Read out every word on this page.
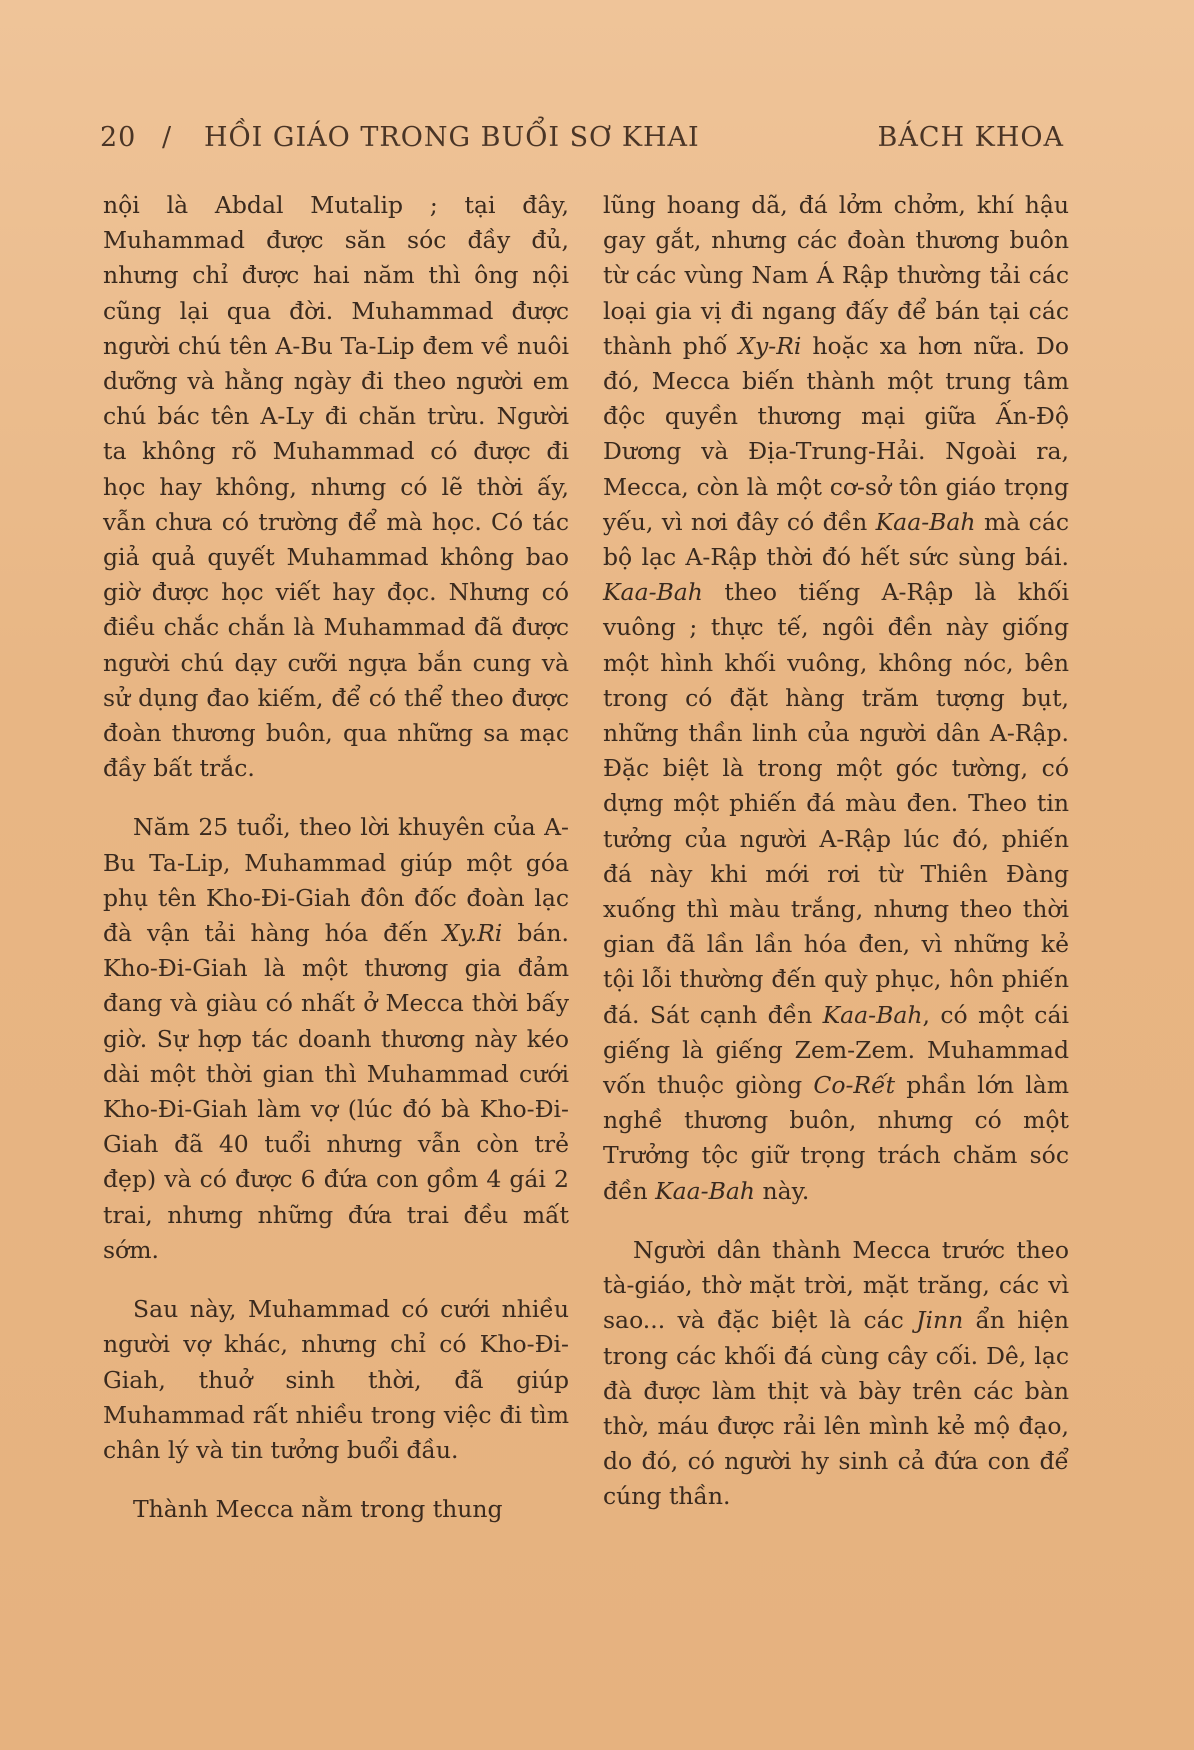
20 / HỒI GIÁO TRONG BUỔI SƠ KHAI	BÁCH KHOA

nội là Abdal Mutalip ; tại đây, Muhammad được săn sóc đầy đủ, nhưng chỉ được hai năm thì ông nội cũng lại qua đời. Muhammad được người chú tên A-Bu Ta-Lip đem về nuôi dưỡng và hằng ngày đi theo người em chú bác tên A-Ly đi chăn trừu. Người ta không rõ Muhammad có được đi học hay không, nhưng có lẽ thời ấy, vẫn chưa có trường để mà học. Có tác giả quả quyết Muhammad không bao giờ được học viết hay đọc. Nhưng có điều chắc chắn là Muhammad đã được người chú dạy cưỡi ngựa bắn cung và sử dụng đao kiếm, để có thể theo được đoàn thương buôn, qua những sa mạc đầy bất trắc.

Năm 25 tuổi, theo lời khuyên của A-Bu Ta-Lip, Muhammad giúp một góa phụ tên Kho-Đi-Giah đôn đốc đoàn lạc đà vận tải hàng hóa đến Xy.Ri bán. Kho-Đi-Giah là một thương gia đảm đang và giàu có nhất ở Mecca thời bấy giờ. Sự hợp tác doanh thương này kéo dài một thời gian thì Muhammad cưới Kho-Đi-Giah làm vợ (lúc đó bà Kho-Đi-Giah đã 40 tuổi nhưng vẫn còn trẻ đẹp) và có được 6 đứa con gồm 4 gái 2 trai, nhưng những đứa trai đều mất sớm.

Sau này, Muhammad có cưới nhiều người vợ khác, nhưng chỉ có Kho-Đi-Giah, thuở sinh thời, đã giúp Muhammad rất nhiều trong việc đi tìm chân lý và tin tưởng buổi đầu.

Thành Mecca nằm trong thung

lũng hoang dã, đá lởm chởm, khí hậu gay gắt, nhưng các đoàn thương buôn từ các vùng Nam Á Rập thường tải các loại gia vị đi ngang đấy để bán tại các thành phố Xy-Ri hoặc xa hơn nữa. Do đó, Mecca biến thành một trung tâm độc quyền thương mại giữa Ấn-Độ Dương và Địa-Trung-Hải. Ngoài ra, Mecca, còn là một cơ-sở tôn giáo trọng yếu, vì nơi đây có đền Kaa-Bah mà các bộ lạc A-Rập thời đó hết sức sùng bái. Kaa-Bah theo tiếng A-Rập là khối vuông ; thực tế, ngôi đền này giống một hình khối vuông, không nóc, bên trong có đặt hàng trăm tượng bụt, những thần linh của người dân A-Rập. Đặc biệt là trong một góc tường, có dựng một phiến đá màu đen. Theo tin tưởng của người A-Rập lúc đó, phiến đá này khi mới rơi từ Thiên Đàng xuống thì màu trắng, nhưng theo thời gian đã lần lần hóa đen, vì những kẻ tội lỗi thường đến quỳ phục, hôn phiến đá. Sát cạnh đền Kaa-Bah, có một cái giếng là giếng Zem-Zem. Muhammad vốn thuộc giòng Co-Rết phần lớn làm nghề thương buôn, nhưng có một Trưởng tộc giữ trọng trách chăm sóc đền Kaa-Bah này.

Người dân thành Mecca trước theo tà-giáo, thờ mặt trời, mặt trăng, các vì sao... và đặc biệt là các Jinn ẩn hiện trong các khối đá cùng cây cối. Dê, lạc đà được làm thịt và bày trên các bàn thờ, máu được rải lên mình kẻ mộ đạo, do đó, có người hy sinh cả đứa con để cúng thần.
